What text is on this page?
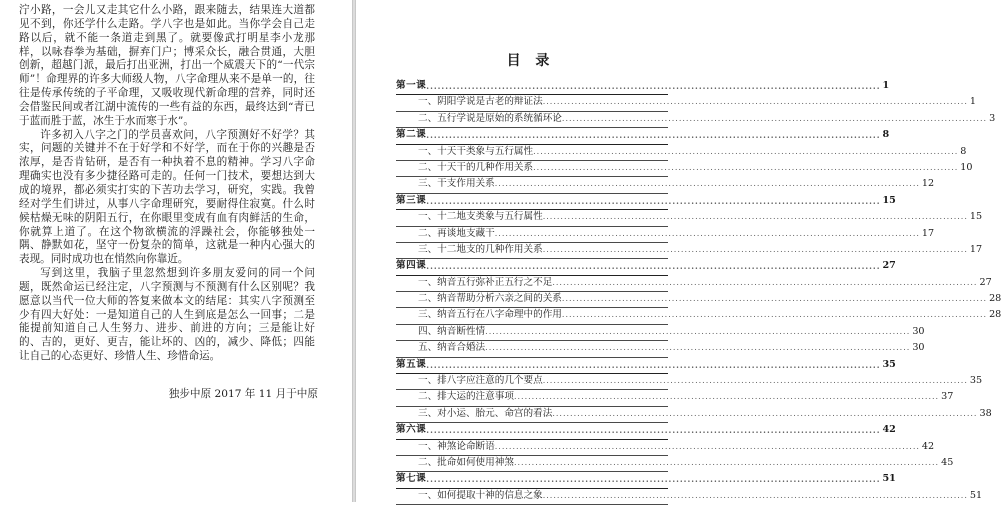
泞小路，一会儿又走其它什么小路，跟来随去，结果连大道都见不到，你还学什么走路。学八字也是如此。当你学会自己走路以后，就不能一条道走到黑了。就要像武打明星李小龙那样，以咏春拳为基础，摒弃门户；博采众长，融合贯通，大胆创新，超越门派，最后打出亚洲，打出一个威震天下的“一代宗师”！命理界的许多大师级人物，八字命理从来不是单一的，往往是传承传统的子平命理，又吸收现代新命理的营养，同时还会借鉴民间或者江湖中流传的一些有益的东西，最终达到“青已于蓝而胜于蓝，冰生于水而寒于水”。

许多初入八字之门的学员喜欢问，八字预测好不好学？其实，问题的关键并不在于好学和不好学，而在于你的兴趣是否浓厚，是否肯钻研，是否有一种执着不息的精神。学习八字命理确实也没有多少捷径路可走的。任何一门技术，要想达到大成的境界，都必须实打实的下苦功去学习，研究，实践。我曾经对学生们讲过，从事八字命理研究，要耐得住寂寞。什么时候枯燥无味的阴阳五行，在你眼里变成有血有肉鲜活的生命，你就算上道了。在这个物欲横流的浮躁社会，你能够独处一隅、静默如花，坚守一份复杂的简单，这就是一种内心强大的表现。同时成功也在悄然向你靠近。

写到这里，我脑子里忽然想到许多朋友爱问的同一个问题，既然命运已经注定，八字预测与不预测有什么区别呢？我愿意以当代一位大师的答复来做本文的结尾：其实八字预测至少有四大好处：一是知道自己的人生到底是怎么一回事；二是能提前知道自己人生努力、进步、前进的方向；三是能让好的、吉的，更好、更吉，能让坏的、凶的，减少、降低；四能让自己的心态更好、珍惜人生、珍惜命运。

独步中原 2017 年 11 月于中原
目 录
第一课 ........................................................................................................................ 1
一、阴阳学说是古老的辩证法 ........................................................................................................................ 1
二、五行学说是原始的系统循环论 ........................................................................................................................ 3
第二课 ........................................................................................................................ 8
一、十天干类象与五行属性 ........................................................................................................................ 8
二、十天干的几种作用关系 ........................................................................................................................ 10
三、干支作用关系 ........................................................................................................................ 12
第三课 ........................................................................................................................ 15
一、十二地支类象与五行属性 ........................................................................................................................ 15
二、再谈地支藏干 ........................................................................................................................ 17
三、十二地支的几种作用关系 ........................................................................................................................ 17
第四课 ........................................................................................................................ 27
一、纳音五行弥补正五行之不足 ........................................................................................................................ 27
二、纳音帮助分析六亲之间的关系 ........................................................................................................................ 28
三、纳音五行在八字命理中的作用 ........................................................................................................................ 28
四、纳音断性情 ........................................................................................................................ 30
五、纳音合婚法 ........................................................................................................................ 30
第五课 ........................................................................................................................ 35
一、排八字应注意的几个要点 ........................................................................................................................ 35
二、排大运的注意事项 ........................................................................................................................ 37
三、对小运、胎元、命宫的看法 ........................................................................................................................ 38
第六课 ........................................................................................................................ 42
一、神煞论命断语 ........................................................................................................................ 42
二、批命如何使用神煞 ........................................................................................................................ 45
第七课 ........................................................................................................................ 51
一、如何提取十神的信息之象 ........................................................................................................................ 51
